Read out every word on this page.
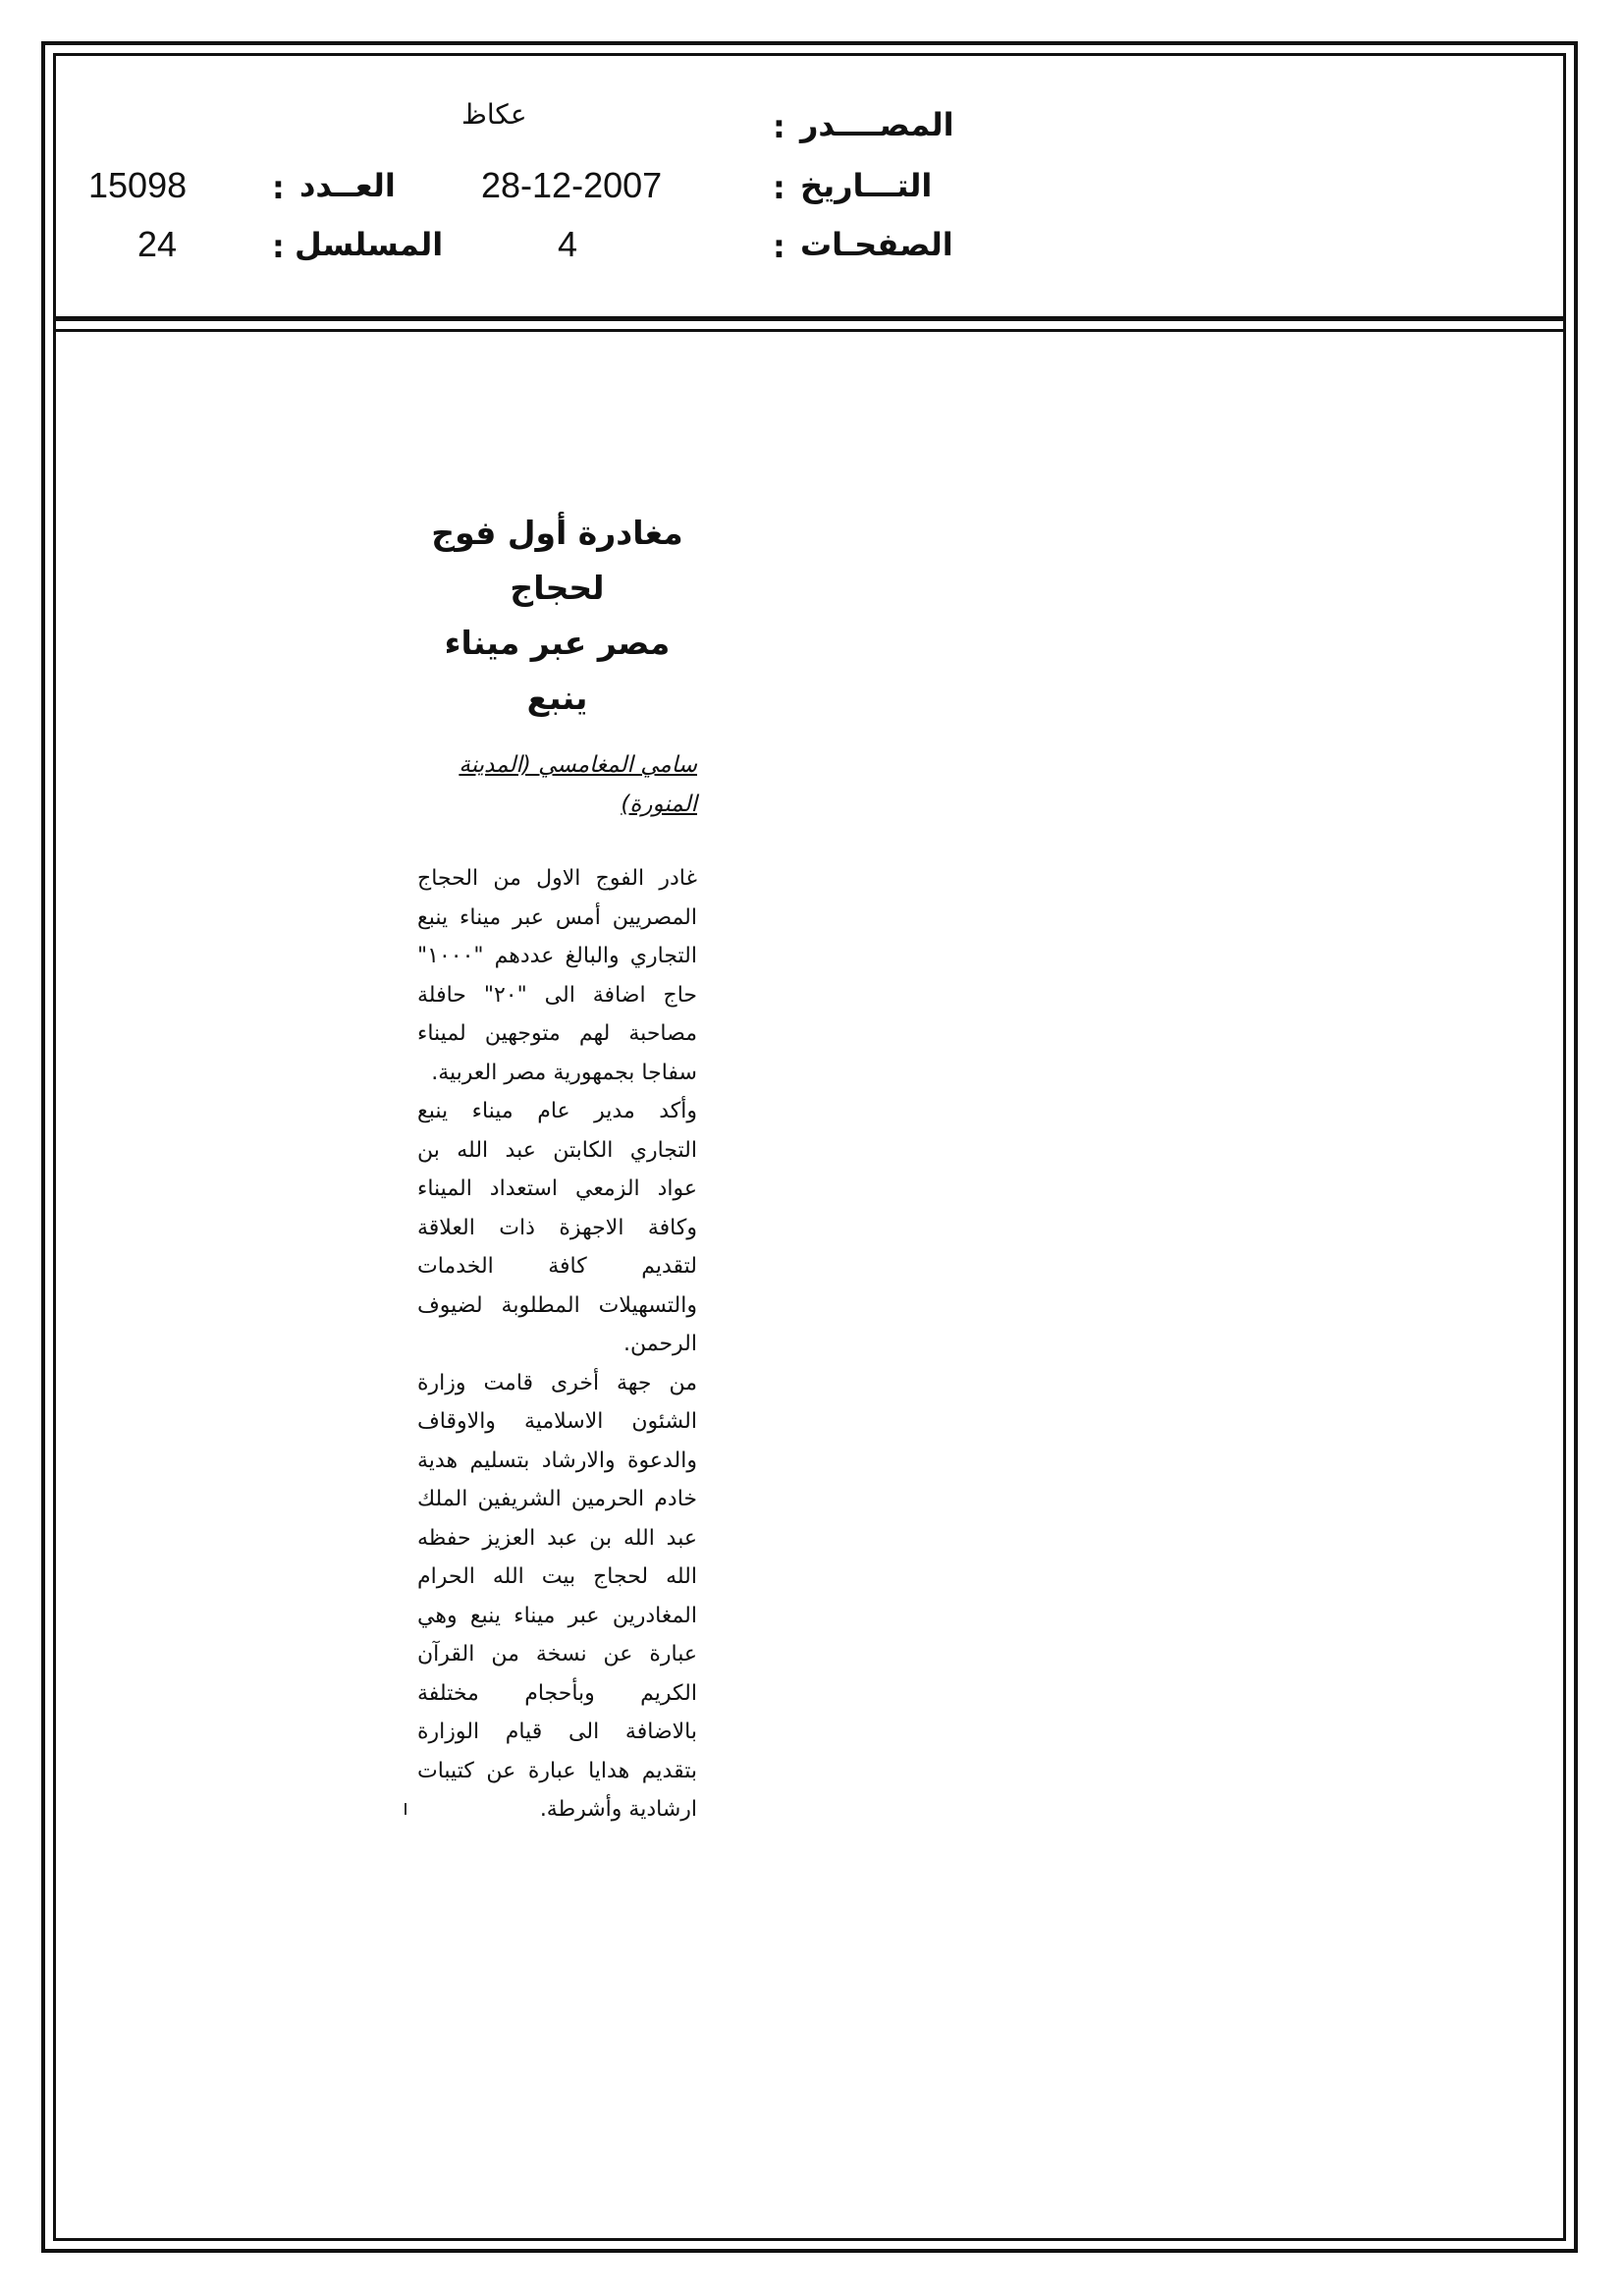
المصــــدر
:
عكاظ
التـــاريخ
:
28-12-2007
العــدد
:
15098
الصفحـات
:
4
المسلسل
:
24

مغادرة أول فوج لحجاج

مصر عبر ميناء ينبع

سامي المغامسي (المدينة المنورة)

غادر الفوج الاول من الحجاج المصريين أمس عبر ميناء ينبع التجاري والبالغ عددهم "١٠٠٠" حاج اضافة الى "٢٠" حافلة مصاحبة لهم متوجهين لميناء سفاجا بجمهورية مصر العربية.

وأكد مدير عام ميناء ينبع التجاري الكابتن عبد الله بن عواد الزمعي استعداد الميناء وكافة الاجهزة ذات العلاقة لتقديم كافة الخدمات والتسهيلات المطلوبة لضيوف الرحمن.

من جهة أخرى قامت وزارة الشئون الاسلامية والاوقاف والدعوة والارشاد بتسليم هدية خادم الحرمين الشريفين الملك عبد الله بن عبد العزيز حفظه الله لحجاج بيت الله الحرام المغادرين عبر ميناء ينبع وهي عبارة عن نسخة من القرآن الكريم وبأحجام مختلفة بالاضافة الى قيام الوزارة بتقديم هدايا عبارة عن كتيبات ارشادية وأشرطة.
